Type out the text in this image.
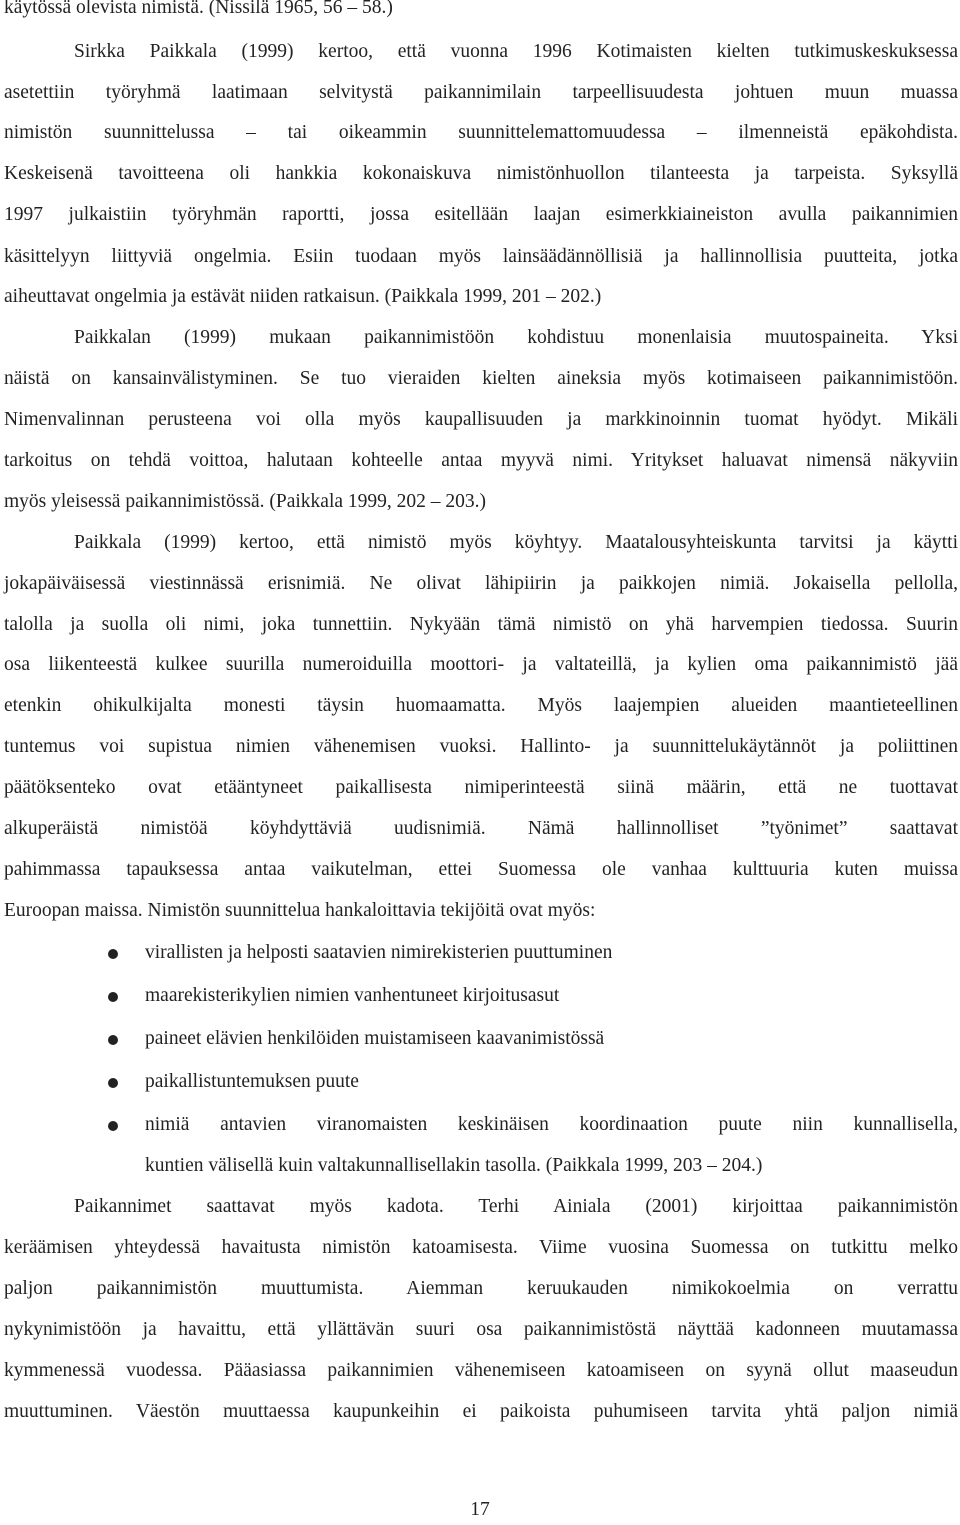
käytössä olevista nimistä. (Nissilä 1965, 56 – 58.)
Sirkka Paikkala (1999) kertoo, että vuonna 1996 Kotimaisten kielten tutkimuskeskuksessa
asetettiin työryhmä laatimaan selvitystä paikannimilain tarpeellisuudesta johtuen muun muassa
nimistön suunnittelussa – tai oikeammin suunnittelemattomuudessa – ilmenneistä epäkohdista.
Keskeisenä tavoitteena oli hankkia kokonaiskuva nimistönhuollon tilanteesta ja tarpeista. Syksyllä
1997 julkaistiin työryhmän raportti, jossa esitellään laajan esimerkkiaineiston avulla paikannimien
käsittelyyn liittyviä ongelmia. Esiin tuodaan myös lainsäädännöllisiä ja hallinnollisia puutteita, jotka
aiheuttavat ongelmia ja estävät niiden ratkaisun. (Paikkala 1999, 201 – 202.)
Paikkalan (1999) mukaan paikannimistöön kohdistuu monenlaisia muutospaineita. Yksi
näistä on kansainvälistyminen. Se tuo vieraiden kielten aineksia myös kotimaiseen paikannimistöön.
Nimenvalinnan perusteena voi olla myös kaupallisuuden ja markkinoinnin tuomat hyödyt. Mikäli
tarkoitus on tehdä voittoa, halutaan kohteelle antaa myyvä nimi. Yritykset haluavat nimensä näkyviin
myös yleisessä paikannimistössä. (Paikkala 1999, 202 – 203.)
Paikkala (1999) kertoo, että nimistö myös köyhtyy. Maatalousyhteiskunta tarvitsi ja käytti
jokapäiväisessä viestinnässä erisnimiä. Ne olivat lähipiirin ja paikkojen nimiä. Jokaisella pellolla,
talolla ja suolla oli nimi, joka tunnettiin. Nykyään tämä nimistö on yhä harvempien tiedossa. Suurin
osa liikenteestä kulkee suurilla numeroiduilla moottori- ja valtateillä, ja kylien oma paikannimistö jää
etenkin ohikulkijalta monesti täysin huomaamatta. Myös laajempien alueiden maantieteellinen
tuntemus voi supistua nimien vähenemisen vuoksi. Hallinto- ja suunnittelukäytännöt ja poliittinen
päätöksenteko ovat etääntyneet paikallisesta nimiperinteestä siinä määrin, että ne tuottavat
alkuperäistä nimistöä köyhdyttäviä uudisnimiä. Nämä hallinnolliset ”työnimet” saattavat
pahimmassa tapauksessa antaa vaikutelman, ettei Suomessa ole vanhaa kulttuuria kuten muissa
Euroopan maissa. Nimistön suunnittelua hankaloittavia tekijöitä ovat myös:
virallisten ja helposti saatavien nimirekisterien puuttuminen
maarekisterikylien nimien vanhentuneet kirjoitusasut
paineet elävien henkilöiden muistamiseen kaavanimistössä
paikallistuntemuksen puute
nimiä antavien viranomaisten keskinäisen koordinaation puute niin kunnallisella,
kuntien välisellä kuin valtakunnallisellakin tasolla. (Paikkala 1999, 203 – 204.)
Paikannimet saattavat myös kadota. Terhi Ainiala (2001) kirjoittaa paikannimistön
keräämisen yhteydessä havaitusta nimistön katoamisesta. Viime vuosina Suomessa on tutkittu melko
paljon paikannimistön muuttumista. Aiemman keruukauden nimikokoelmia on verrattu
nykynimistöön ja havaittu, että yllättävän suuri osa paikannimistöstä näyttää kadonneen muutamassa
kymmenessä vuodessa. Pääasiassa paikannimien vähenemiseen katoamiseen on syynä ollut maaseudun
muuttuminen. Väestön muuttaessa kaupunkeihin ei paikoista puhumiseen tarvita yhtä paljon nimiä
17
